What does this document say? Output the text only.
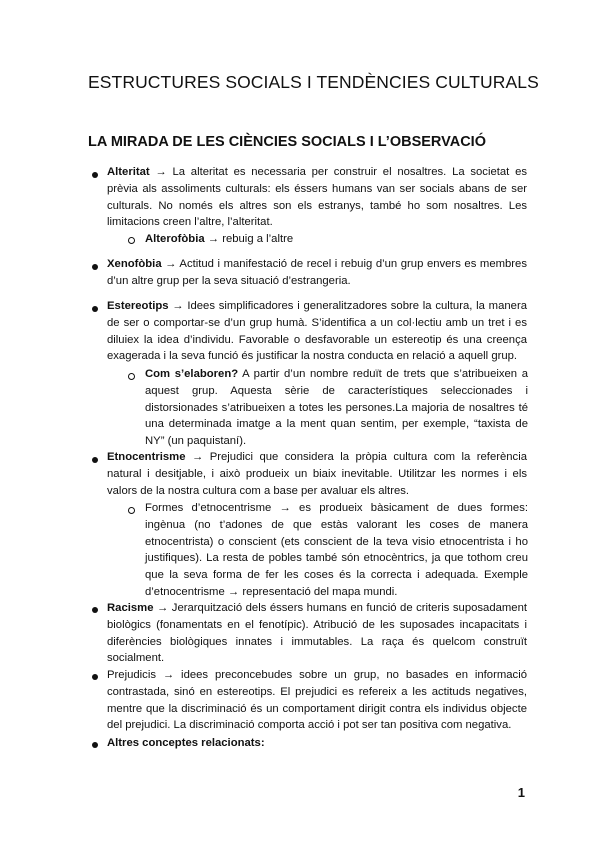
ESTRUCTURES SOCIALS I TENDÈNCIES CULTURALS
LA MIRADA DE LES CIÈNCIES SOCIALS I L’OBSERVACIÓ
Alteritat → La alteritat es necessaria per construir el nosaltres. La societat es prèvia als assoliments culturals: els éssers humans van ser socials abans de ser culturals. No només els altres son els estranys, també ho som nosaltres. Les limitacions creen l’altre, l’alteritat.
Alterofòbia → rebuig a l’altre
Xenofòbia → Actitud i manifestació de recel i rebuig d’un grup envers es membres d’un altre grup per la seva situació d’estrangeria.
Estereotips → Idees simplificadores i generalitzadores sobre la cultura, la manera de ser o comportar-se d’un grup humà. S’identifica a un col·lectiu amb un tret i es diluiex la idea d’individu. Favorable o desfavorable un estereotip és una creença exagerada i la seva funció és justificar la nostra conducta en relació a aquell grup.
Com s’elaboren? A partir d’un nombre reduït de trets que s’atribueixen a aquest grup. Aquesta sèrie de característiques seleccionades i distorsionades s’atribueixen a totes les persones.La majoria de nosaltres té una determinada imatge a la ment quan sentim, per exemple, “taxista de NY” (un paquistaní).
Etnocentrisme → Prejudici que considera la pròpia cultura com la referència natural i desitjable, i això produeix un biaix inevitable. Utilitzar les normes i els valors de la nostra cultura com a base per avaluar els altres.
Formes d’etnocentrisme → es produeix bàsicament de dues formes: ingènua (no t’adones de que estàs valorant les coses de manera etnocentrista) o conscient (ets conscient de la teva visio etnocentrista i ho justifiques). La resta de pobles també són etnocèntrics, ja que tothom creu que la seva forma de fer les coses és la correcta i adequada. Exemple d’etnocentrisme → representació del mapa mundi.
Racisme → Jerarquització dels éssers humans en funció de criteris suposadament biològics (fonamentats en el fenotípic). Atribució de les suposades incapacitats i diferències biològiques innates i immutables. La raça és quelcom construït socialment.
Prejudicis → idees preconcebudes sobre un grup, no basades en informació contrastada, sinó en estereotips. El prejudici es refereix a les actituds negatives, mentre que la discriminació és un comportament dirigit contra els individus objecte del prejudici. La discriminació comporta acció i pot ser tan positiva com negativa.
Altres conceptes relacionats:
1
